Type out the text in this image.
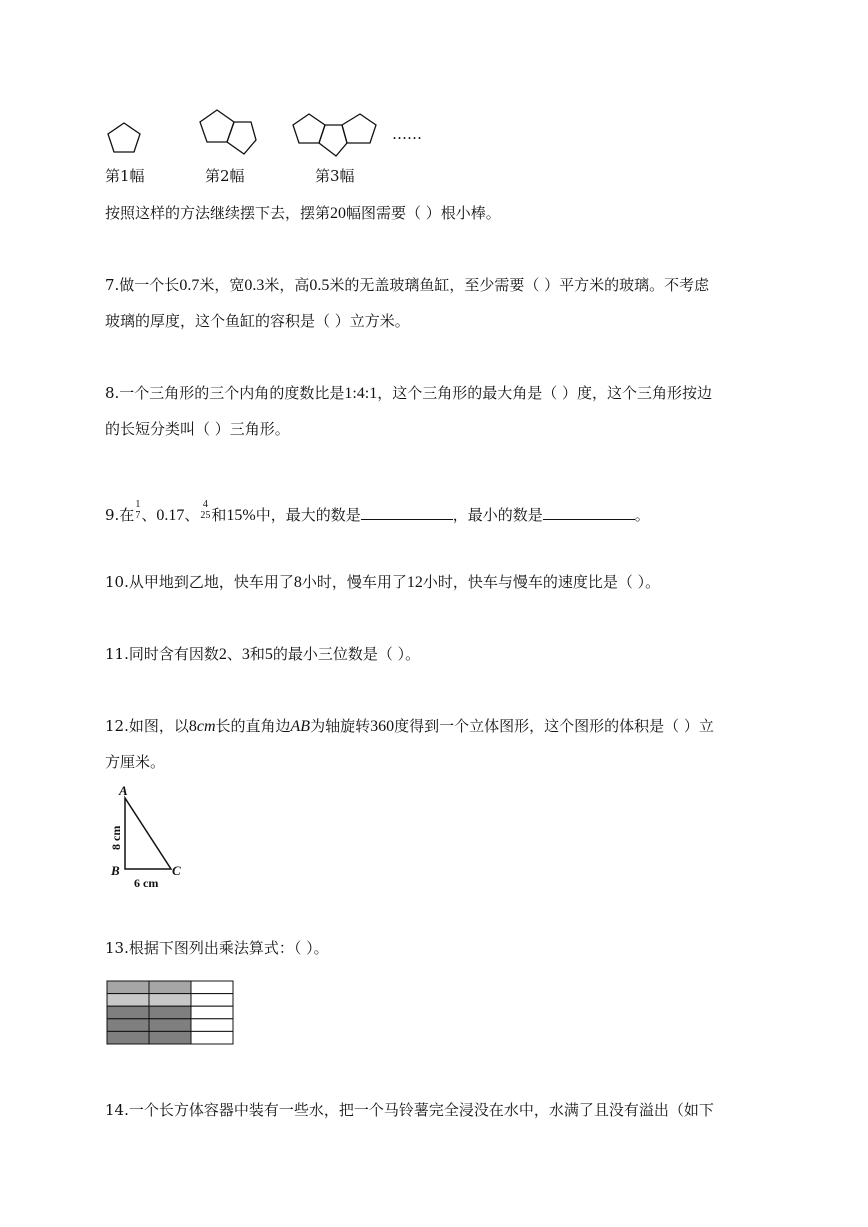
……
第1幅	第2幅	第3幅
按照这样的方法继续摆下去，摆第20幅图需要（ ）根小棒。
7.做一个长0.7米，宽0.3米，高0.5米的无盖玻璃鱼缸，至少需要（ ）平方米的玻璃。不考虑
玻璃的厚度，这个鱼缸的容积是（ ）立方米。
8.一个三角形的三个内角的度数比是1:4:1，这个三角形的最大角是（ ）度，这个三角形按边
的长短分类叫（ ）三角形。
9.在
1
7 、0.17、
4
25 和15%中，最大的数是	，最小的数是	。
10.从甲地到乙地，快车用了8小时，慢车用了12小时，快车与慢车的速度比是（ ）。
11.同时含有因数2、3和5的最小三位数是（ ）。
12.如图，以8cm长的直角边AB为轴旋转360度得到一个立体图形，这个图形的体积是（ ）立
方厘米。
A
B	C
8 cm
6 cm
13.根据下图列出乘法算式：（ ）。
14.一个长方体容器中装有一些水，把一个马铃薯完全浸没在水中，水满了且没有溢出（如下
